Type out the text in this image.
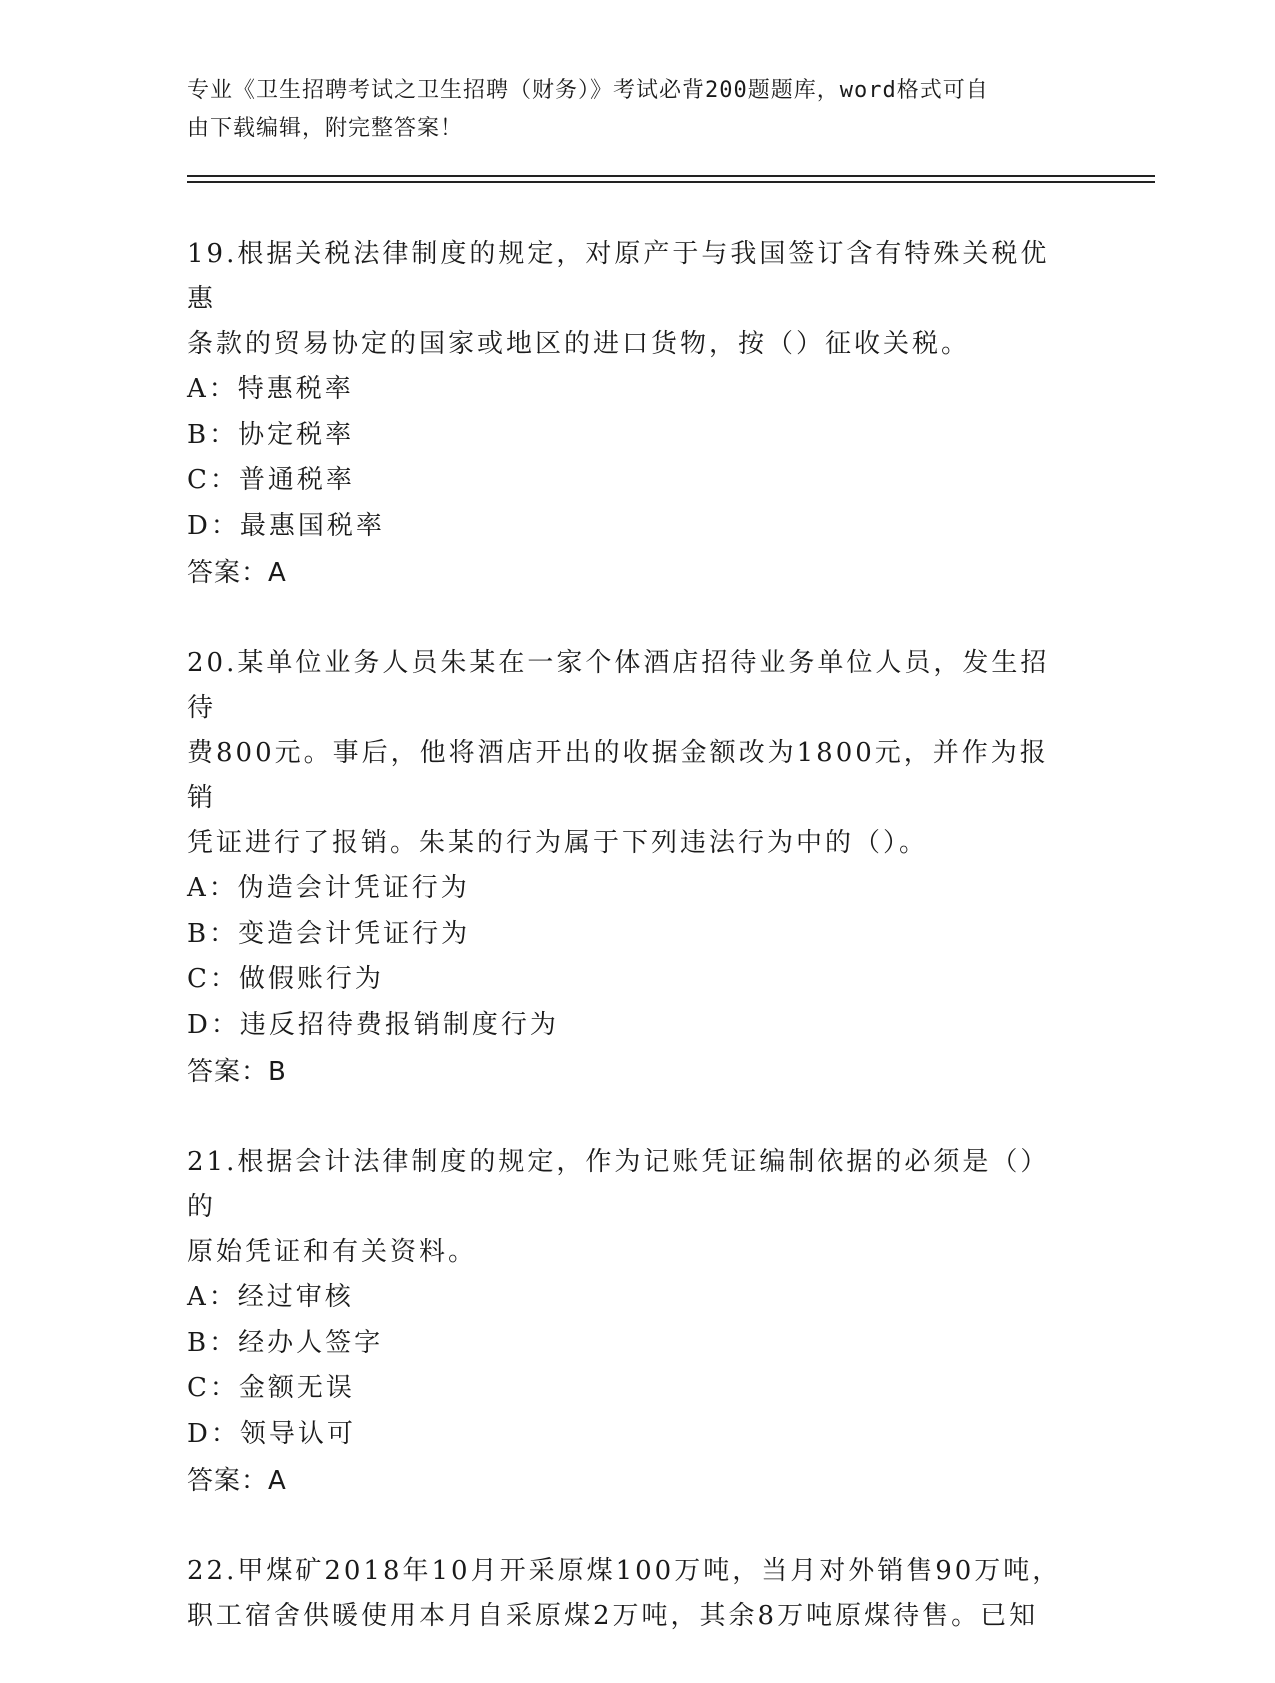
专业《卫生招聘考试之卫生招聘（财务）》考试必背200题题库，word格式可自
由下载编辑，附完整答案！
19.根据关税法律制度的规定，对原产于与我国签订含有特殊关税优惠
条款的贸易协定的国家或地区的进口货物，按（）征收关税。
A：特惠税率
B：协定税率
C：普通税率
D：最惠国税率
答案：A
20.某单位业务人员朱某在一家个体酒店招待业务单位人员，发生招待
费800元。事后，他将酒店开出的收据金额改为1800元，并作为报销
凭证进行了报销。朱某的行为属于下列违法行为中的（）。
A：伪造会计凭证行为
B：变造会计凭证行为
C：做假账行为
D：违反招待费报销制度行为
答案：B
21.根据会计法律制度的规定，作为记账凭证编制依据的必须是（）的
原始凭证和有关资料。
A：经过审核
B：经办人签字
C：金额无误
D：领导认可
答案：A
22.甲煤矿2018年10月开采原煤100万吨，当月对外销售90万吨，
职工宿舍供暖使用本月自采原煤2万吨，其余8万吨原煤待售。已知
